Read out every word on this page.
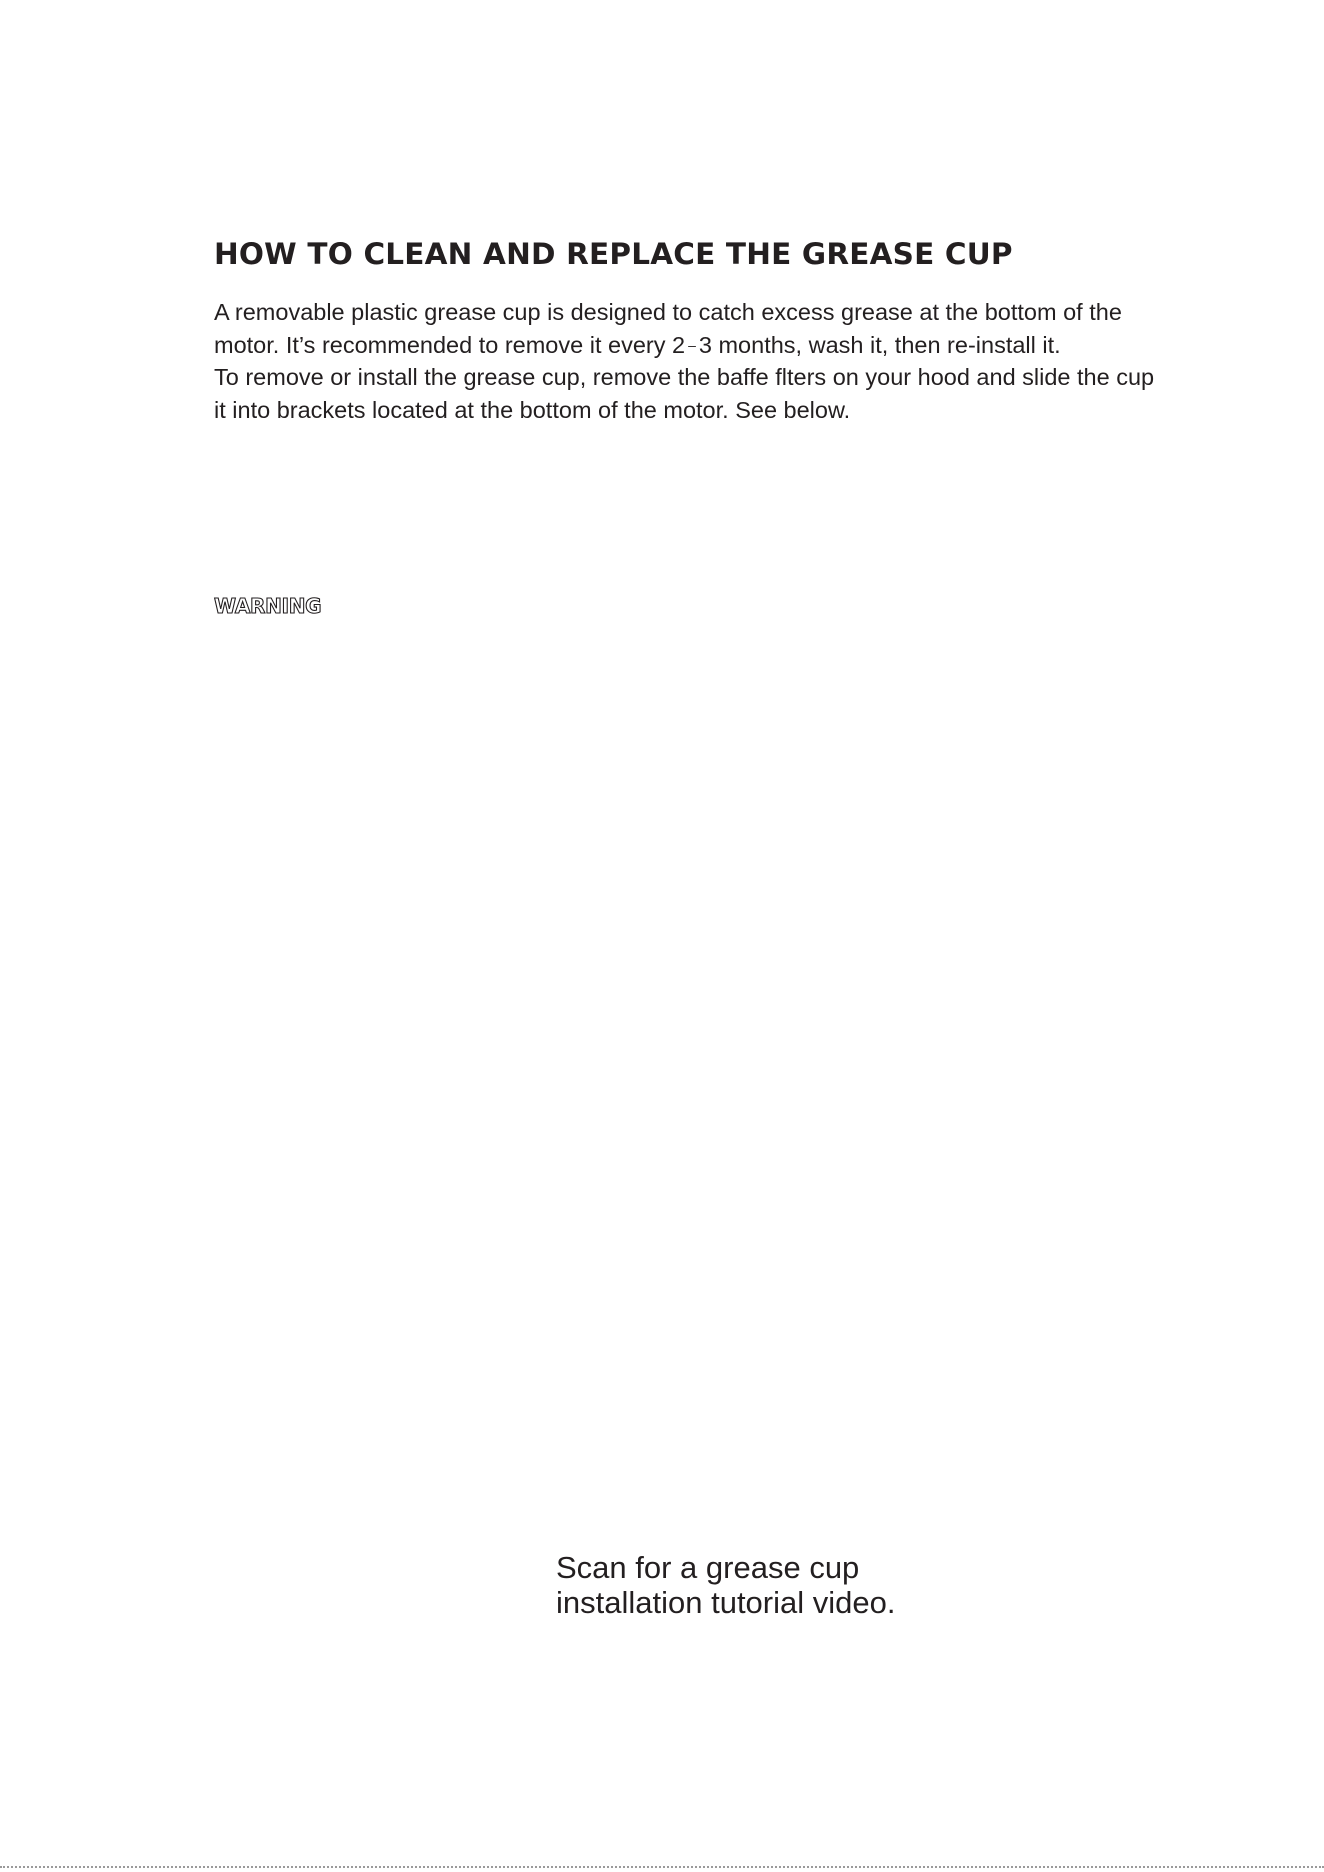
HOW TO CLEAN AND REPLACE THE GREASE CUP

A removable plastic grease cup is designed to catch excess grease at the bottom of the

motor. It’s recommended to remove it every 2 – 3 months, wash it, then re-install it.

To remove or install the grease cup, remove the baffe flters on your hood and slide the cup

it into brackets located at the bottom of the motor. See below.

WARNING

Scan for a grease cup

installation tutorial video.
